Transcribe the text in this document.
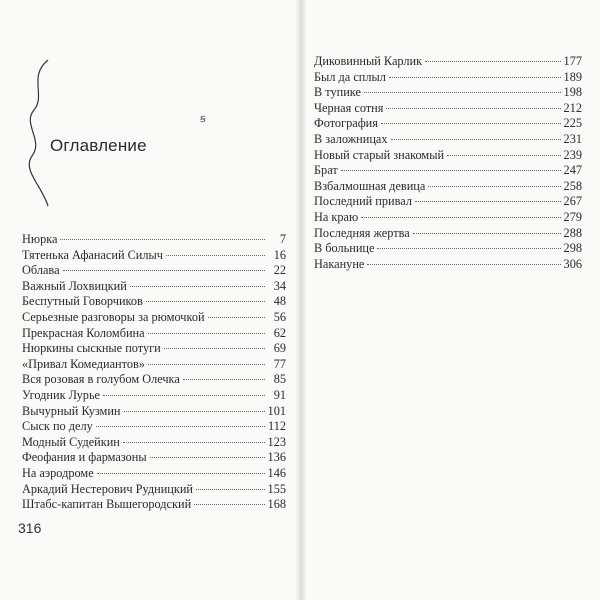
ꞩ
Оглавление
Нюрка	7
Тятенька Афанасий Силыч	16
Облава	22
Важный Лохвицкий	34
Беспутный Говорчиков	48
Серьезные разговоры за рюмочкой	56
Прекрасная Коломбина	62
Нюркины сыскные потуги	69
«Привал Комедиантов»	77
Вся розовая в голубом Олечка	85
Угодник Лурье	91
Вычурный Кузмин	101
Сыск по делу	112
Модный Судейкин	123
Феофания и фармазоны	136
На аэродроме	146
Аркадий Нестерович Рудницкий	155
Штабс-капитан Вышегородский	168
316
Диковинный Карлик	177
Был да сплыл	189
В тупике	198
Черная сотня	212
Фотография	225
В заложницах	231
Новый старый знакомый	239
Брат	247
Взбалмошная девица	258
Последний привал	267
На краю	279
Последняя жертва	288
В больнице	298
Накануне	306
